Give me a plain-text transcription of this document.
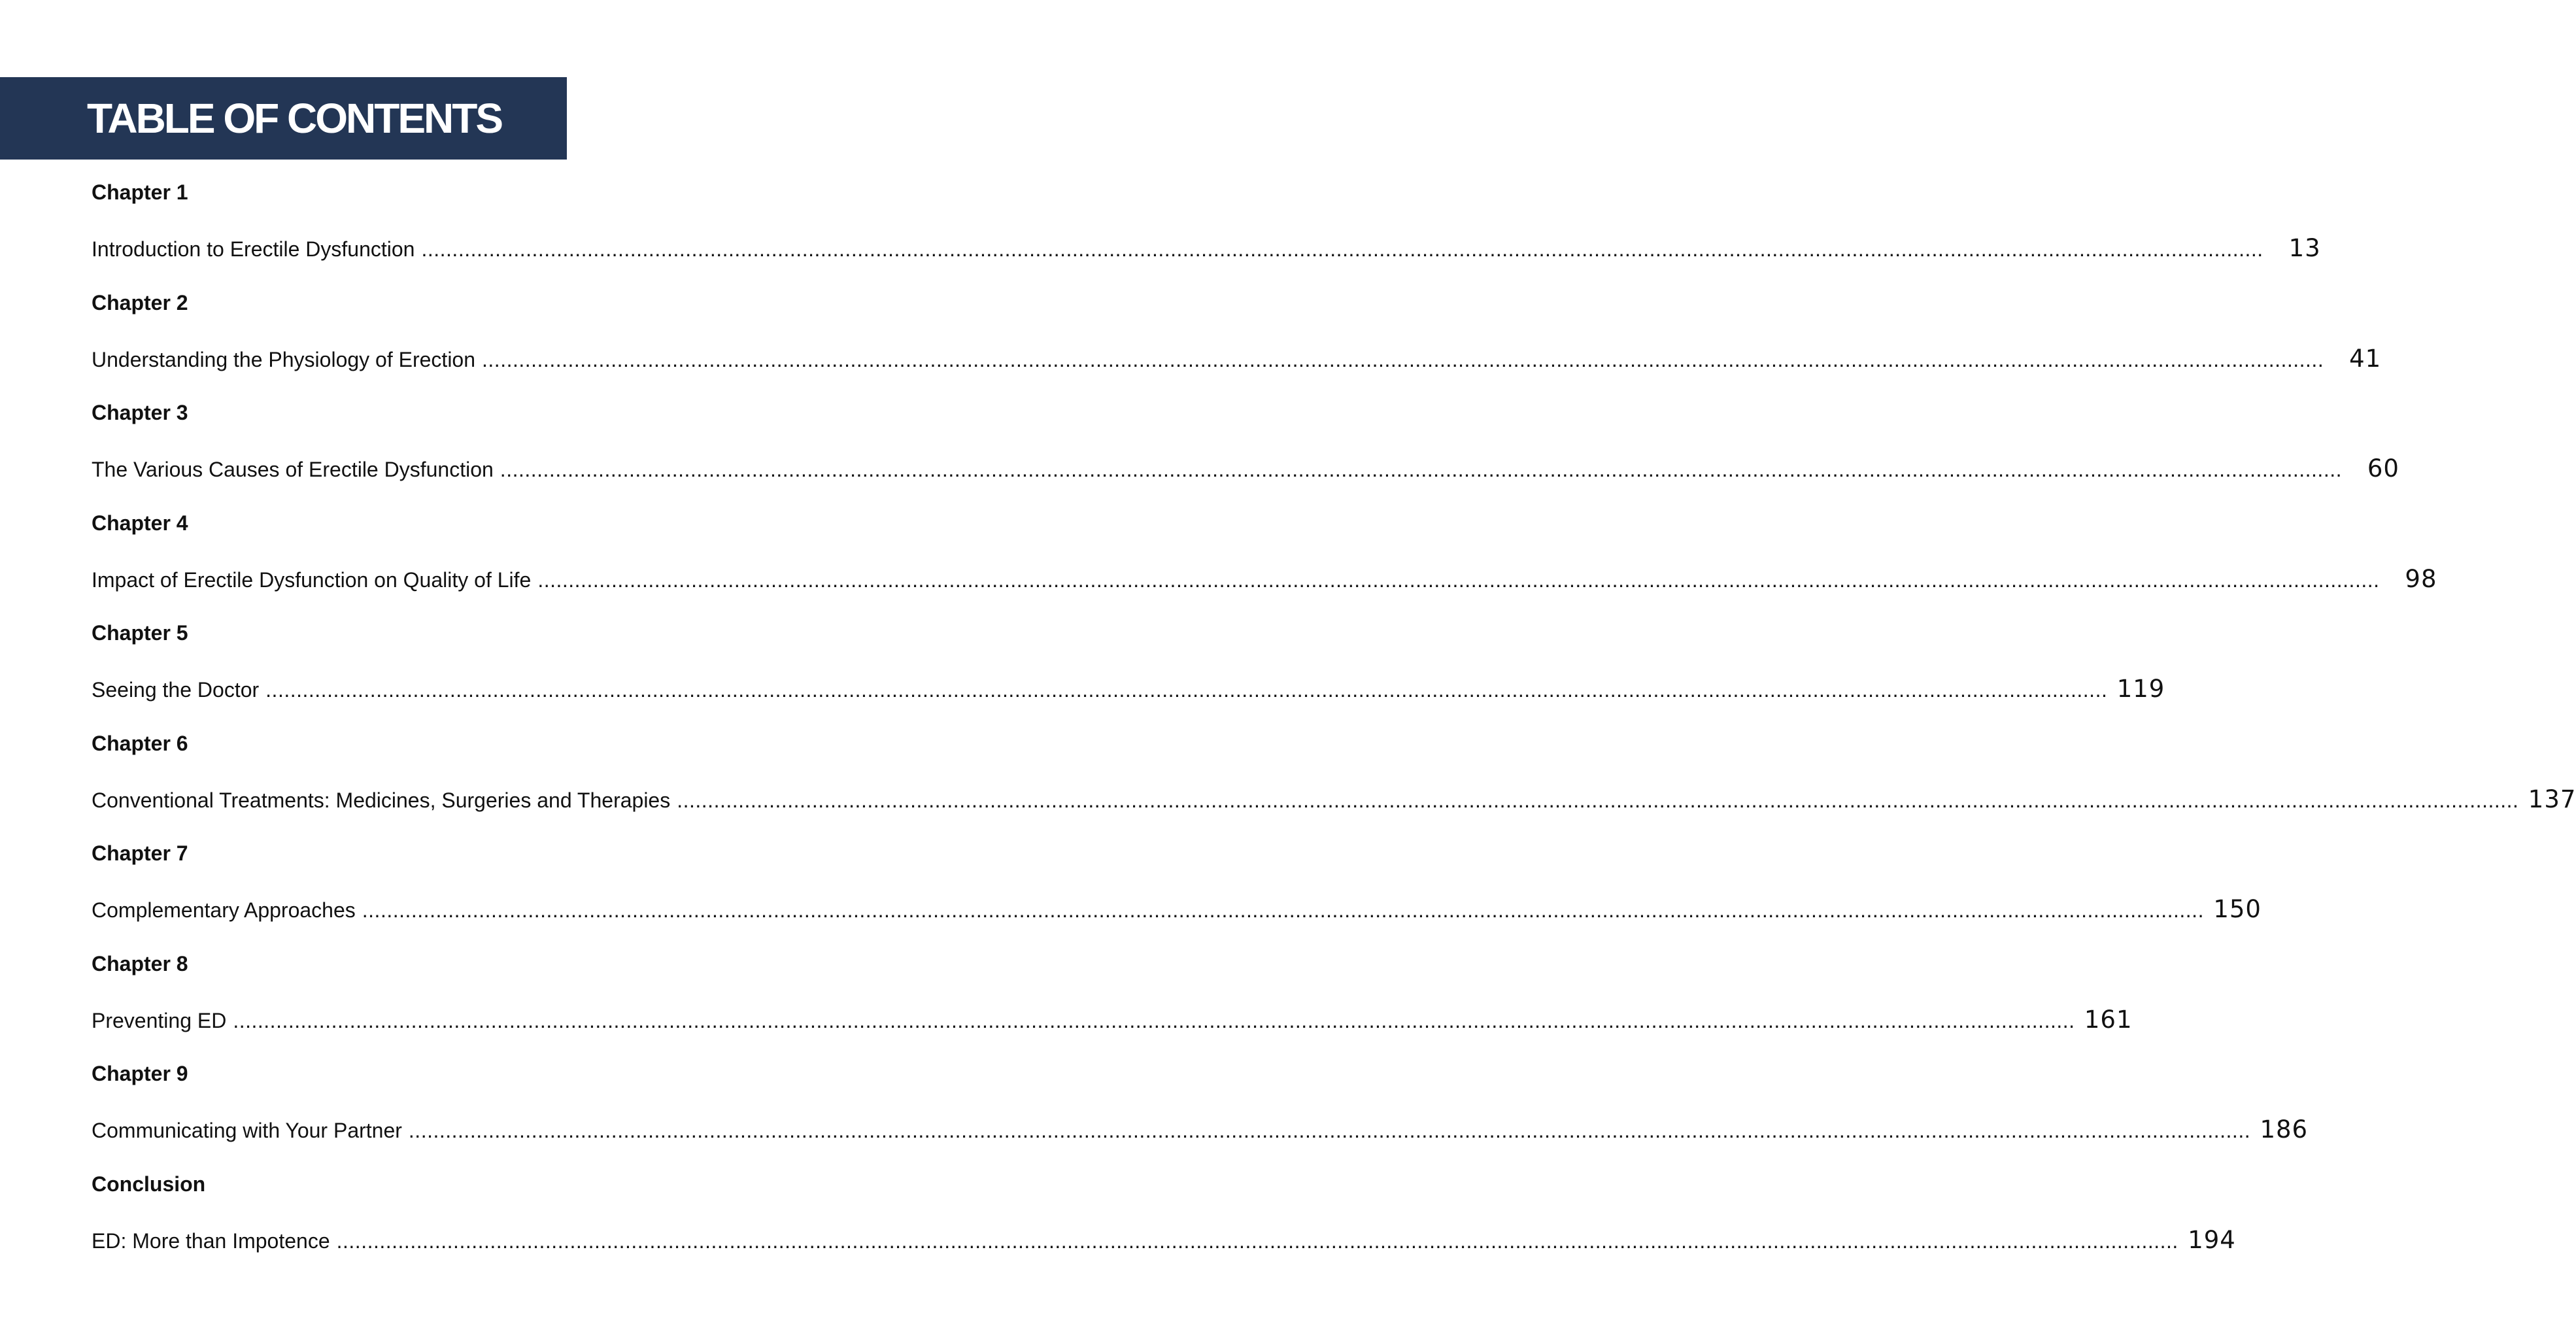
TABLE OF CONTENTS
Chapter 1
Introduction to Erectile Dysfunction ............................................................................................................................................................................................................................................................................................................	13
Chapter 2
Understanding the Physiology of Erection ............................................................................................................................................................................................................................................................................................................	41
Chapter 3
The Various Causes of Erectile Dysfunction ............................................................................................................................................................................................................................................................................................................	60
Chapter 4
Impact of Erectile Dysfunction on Quality of Life ............................................................................................................................................................................................................................................................................................................	98
Chapter 5
Seeing the Doctor ............................................................................................................................................................................................................................................................................................................ 119
Chapter 6
Conventional Treatments: Medicines, Surgeries and Therapies ............................................................................................................................................................................................................................................................................................................ 137
Chapter 7
Complementary Approaches ............................................................................................................................................................................................................................................................................................................ 150
Chapter 8
Preventing ED ............................................................................................................................................................................................................................................................................................................ 161
Chapter 9
Communicating with Your Partner ............................................................................................................................................................................................................................................................................................................ 186
Conclusion
ED: More than Impotence ............................................................................................................................................................................................................................................................................................................ 194
